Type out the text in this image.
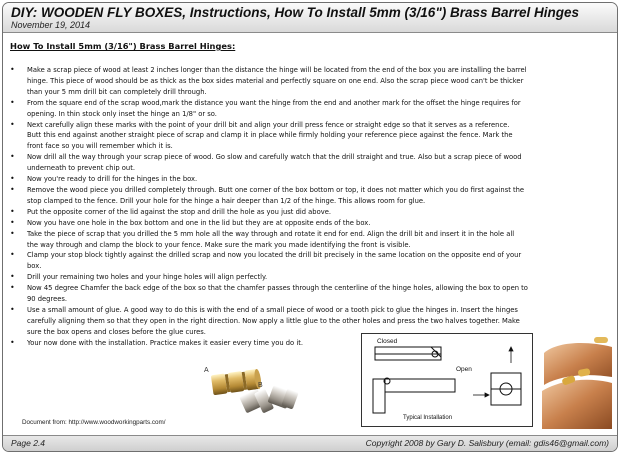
DIY: WOODEN FLY BOXES, Instructions, How To Install 5mm (3/16") Brass Barrel Hinges
November 19, 2014
Page 2.4	Copyright 2008 by Gary D. Salisbury (email: gdis46@gmail.com)
How To Install 5mm (3/16") Brass Barrel Hinges:
• Make a scrap piece of wood at least 2 inches longer than the distance the hinge will be located from the end of the box you are installing the barrel
hinge. This piece of wood should be as thick as the box sides material and perfectly square on one end. Also the scrap piece wood can't be thicker
than your 5 mm drill bit can completely drill through.
• From the square end of the scrap wood,mark the distance you want the hinge from the end and another mark for the offset the hinge requires for
opening. In thin stock only inset the hinge an 1/8" or so.
• Next carefully align these marks with the point of your drill bit and align your drill press fence or straight edge so that it serves as a reference.
Butt this end against another straight piece of scrap and clamp it in place while firmly holding your reference piece against the fence. Mark the
front face so you will remember which it is.
• Now drill all the way through your scrap piece of wood. Go slow and carefully watch that the drill straight and true. Also but a scrap piece of wood
underneath to prevent chip out.
• Now you're ready to drill for the hinges in the box.
• Remove the wood piece you drilled completely through. Butt one corner of the box bottom or top, it does not matter which you do first against the
stop clamped to the fence. Drill your hole for the hinge a hair deeper than 1/2 of the hinge. This allows room for glue.
• Put the opposite corner of the lid against the stop and drill the hole as you just did above.
• Now you have one hole in the box bottom and one in the lid but they are at opposite ends of the box.
• Take the piece of scrap that you drilled the 5 mm hole all the way through and rotate it end for end. Align the drill bit and insert it in the hole all
the way through and clamp the block to your fence. Make sure the mark you made identifying the front is visible.
• Clamp your stop block tightly against the drilled scrap and now you located the drill bit precisely in the same location on the opposite end of your
box.
• Drill your remaining two holes and your hinge holes will align perfectly.
• Now 45 degree Chamfer the back edge of the box so that the chamfer passes through the centerline of the hinge holes, allowing the box to open to
90 degrees.
• Use a small amount of glue. A good way to do this is with the end of a small piece of wood or a tooth pick to glue the hinges in. Insert the hinges
carefully aligning them so that they open in the right direction. Now apply a little glue to the other holes and press the two halves together. Make
sure the box opens and closes before the glue cures.
• Your now done with the installation. Practice makes it easier every time you do it.
A
B
Closed
Open
Typical Installation
Document from: http://www.woodworkingparts.com/
